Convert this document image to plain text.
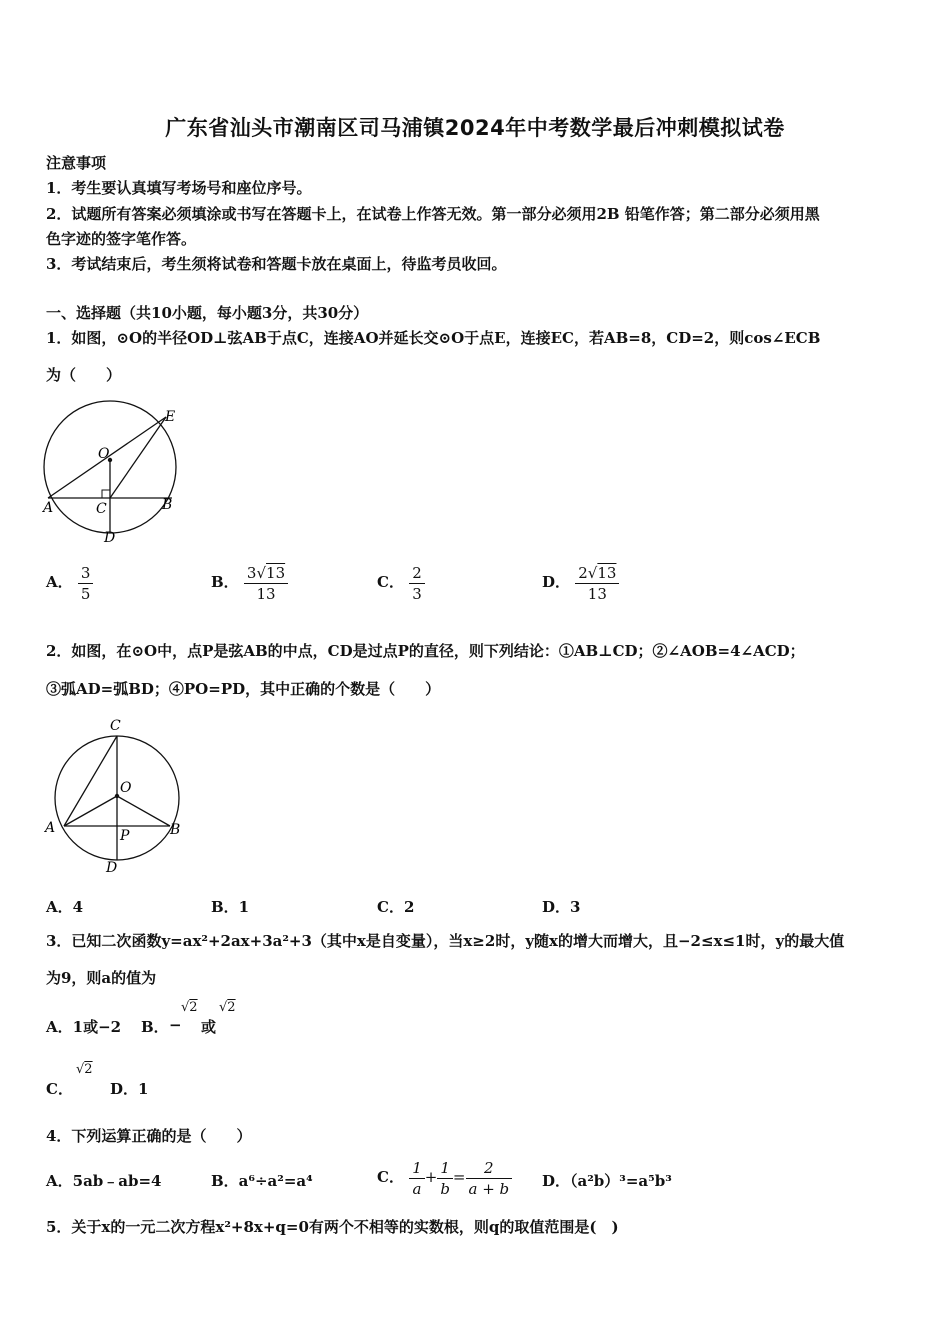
广东省汕头市潮南区司马浦镇2024年中考数学最后冲刺模拟试卷
注意事项
1．考生要认真填写考场号和座位序号。
2．试题所有答案必须填涂或书写在答题卡上，在试卷上作答无效。第一部分必须用2B 铅笔作答；第二部分必须用黑
色字迹的签字笔作答。
3．考试结束后，考生须将试卷和答题卡放在桌面上，待监考员收回。
一、选择题（共10小题，每小题3分，共30分）
1．如图，⊙O的半径OD⊥弦AB于点C，连接AO并延长交⊙O于点E，连接EC，若AB=8，CD=2，则cos∠ECB
为（　　）
O
E
A	B
C
D
A． $\frac{3}{5}$	B． $\frac{3√13}{13}$	C． $\frac{2}{3}$	D． $\frac{2√13}{13}$
2．如图，在⊙O中，点P是弦AB的中点，CD是过点P的直径，则下列结论：①AB⊥CD；②∠AOB=4∠ACD；
③弧AD=弧BD；④PO=PD，其中正确的个数是（　　）
C
O
A	B
P
D
A．4	B．1	C．2	D．3
3．已知二次函数y=ax²+2ax+3a²+3（其中x是自变量），当x≥2时，y随x的增大而增大，且−2≤x≤1时，y的最大值
为9，则a的值为
A．1或−2 B． −
√2
或
√2
C．
√2
D．1
4．下列运算正确的是（　　）
A．5ab﹣ab=4	B．a⁶÷a²=a⁴	C． $\frac{1}{a} + \frac{1}{b} = \frac{2}{a + b}$ D．（a²b）³=a⁵b³
5．关于x的一元二次方程x²+8x+q=0有两个不相等的实数根，则q的取值范围是(　)
